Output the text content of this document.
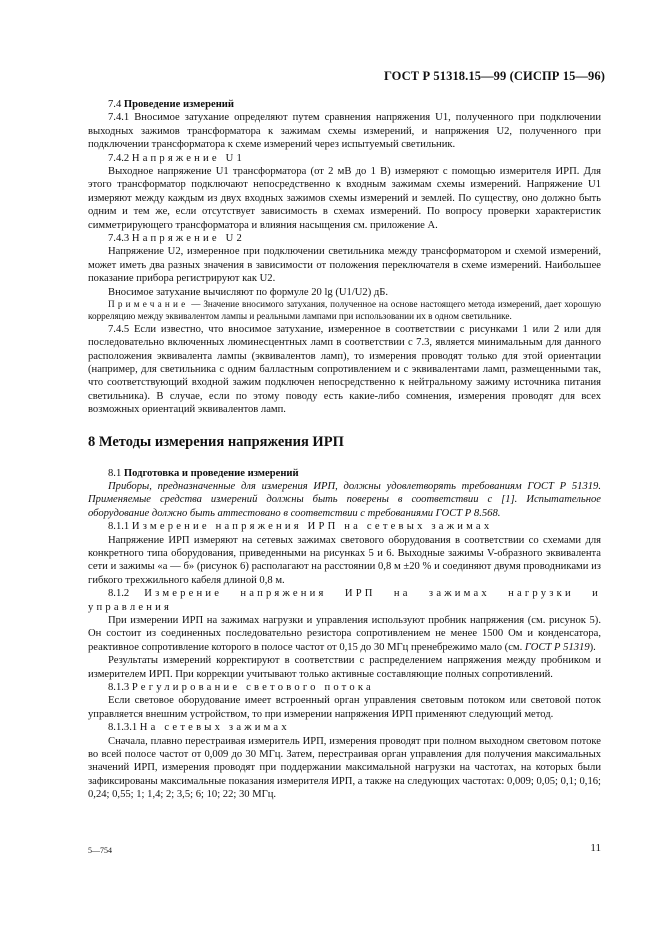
ГОСТ Р 51318.15—99 (СИСПР 15—96)

7.4 Проведение измерений

7.4.1 Вносимое затухание определяют путем сравнения напряжения U1, полученного при подключении выходных зажимов трансформатора к зажимам схемы измерений, и напряжения U2, полученного при подключении трансформатора к схеме измерений через испытуемый светильник.

7.4.2 Напряжение U1

Выходное напряжение U1 трансформатора (от 2 мВ до 1 В) измеряют с помощью измерителя ИРП. Для этого трансформатор подключают непосредственно к входным зажимам схемы измерений. Напряжение U1 измеряют между каждым из двух входных зажимов схемы измерений и землей. По существу, оно должно быть одним и тем же, если отсутствует зависимость в схемах измерений. По вопросу проверки характеристик симметрирующего трансформатора и влияния насыщения см. приложение А.

7.4.3 Напряжение U2

Напряжение U2, измеренное при подключении светильника между трансформатором и схемой измерений, может иметь два разных значения в зависимости от положения переключателя в схеме измерений. Наибольшее показание прибора регистрируют как U2.

Вносимое затухание вычисляют по формуле 20 lg (U1/U2) дБ.

Примечание — Значение вносимого затухания, полученное на основе настоящего метода измерений, дает хорошую корреляцию между эквивалентом лампы и реальными лампами при использовании их в одном светильнике.

7.4.5 Если известно, что вносимое затухание, измеренное в соответствии с рисунками 1 или 2 или для последовательно включенных люминесцентных ламп в соответствии с 7.3, является минимальным для данного расположения эквивалента лампы (эквивалентов ламп), то измерения проводят только для этой ориентации (например, для светильника с одним балластным сопротивлением и с эквивалентами ламп, размещенными так, что соответствующий входной зажим подключен непосредственно к нейтральному зажиму источника питания светильника). В случае, если по этому поводу есть какие-либо сомнения, измерения проводят для всех возможных ориентаций эквивалентов ламп.

8 Методы измерения напряжения ИРП

8.1 Подготовка и проведение измерений

Приборы, предназначенные для измерения ИРП, должны удовлетворять требованиям ГОСТ Р 51319. Применяемые средства измерений должны быть поверены в соответствии с [1]. Испытательное оборудование должно быть аттестовано в соответствии с требованиями ГОСТ Р 8.568.

8.1.1 Измерение напряжения ИРП на сетевых зажимах

Напряжение ИРП измеряют на сетевых зажимах светового оборудования в соответствии со схемами для конкретного типа оборудования, приведенными на рисунках 5 и 6. Выходные зажимы V-образного эквивалента сети и зажимы «а — б» (рисунок 6) располагают на расстоянии 0,8 м ±20 % и соединяют двумя проводниками из гибкого трехжильного кабеля длиной 0,8 м.

8.1.2 Измерение напряжения ИРП на зажимах нагрузки и управления

При измерении ИРП на зажимах нагрузки и управления используют пробник напряжения (см. рисунок 5). Он состоит из соединенных последовательно резистора сопротивлением не менее 1500 Ом и конденсатора, реактивное сопротивление которого в полосе частот от 0,15 до 30 МГц пренебрежимо мало (см. ГОСТ Р 51319).

Результаты измерений корректируют в соответствии с распределением напряжения между пробником и измерителем ИРП. При коррекции учитывают только активные составляющие полных сопротивлений.

8.1.3 Регулирование светового потока

Если световое оборудование имеет встроенный орган управления световым потоком или световой поток управляется внешним устройством, то при измерении напряжения ИРП применяют следующий метод.

8.1.3.1 На сетевых зажимах

Сначала, плавно перестраивая измеритель ИРП, измерения проводят при полном выходном световом потоке во всей полосе частот от 0,009 до 30 МГц. Затем, перестраивая орган управления для получения максимальных значений ИРП, измерения проводят при поддержании максимальной нагрузки на частотах, на которых были зафиксированы максимальные показания измерителя ИРП, а также на следующих частотах: 0,009; 0,05; 0,1; 0,16; 0,24; 0,55; 1; 1,4; 2; 3,5; 6; 10; 22; 30 МГц.

5—754	11
